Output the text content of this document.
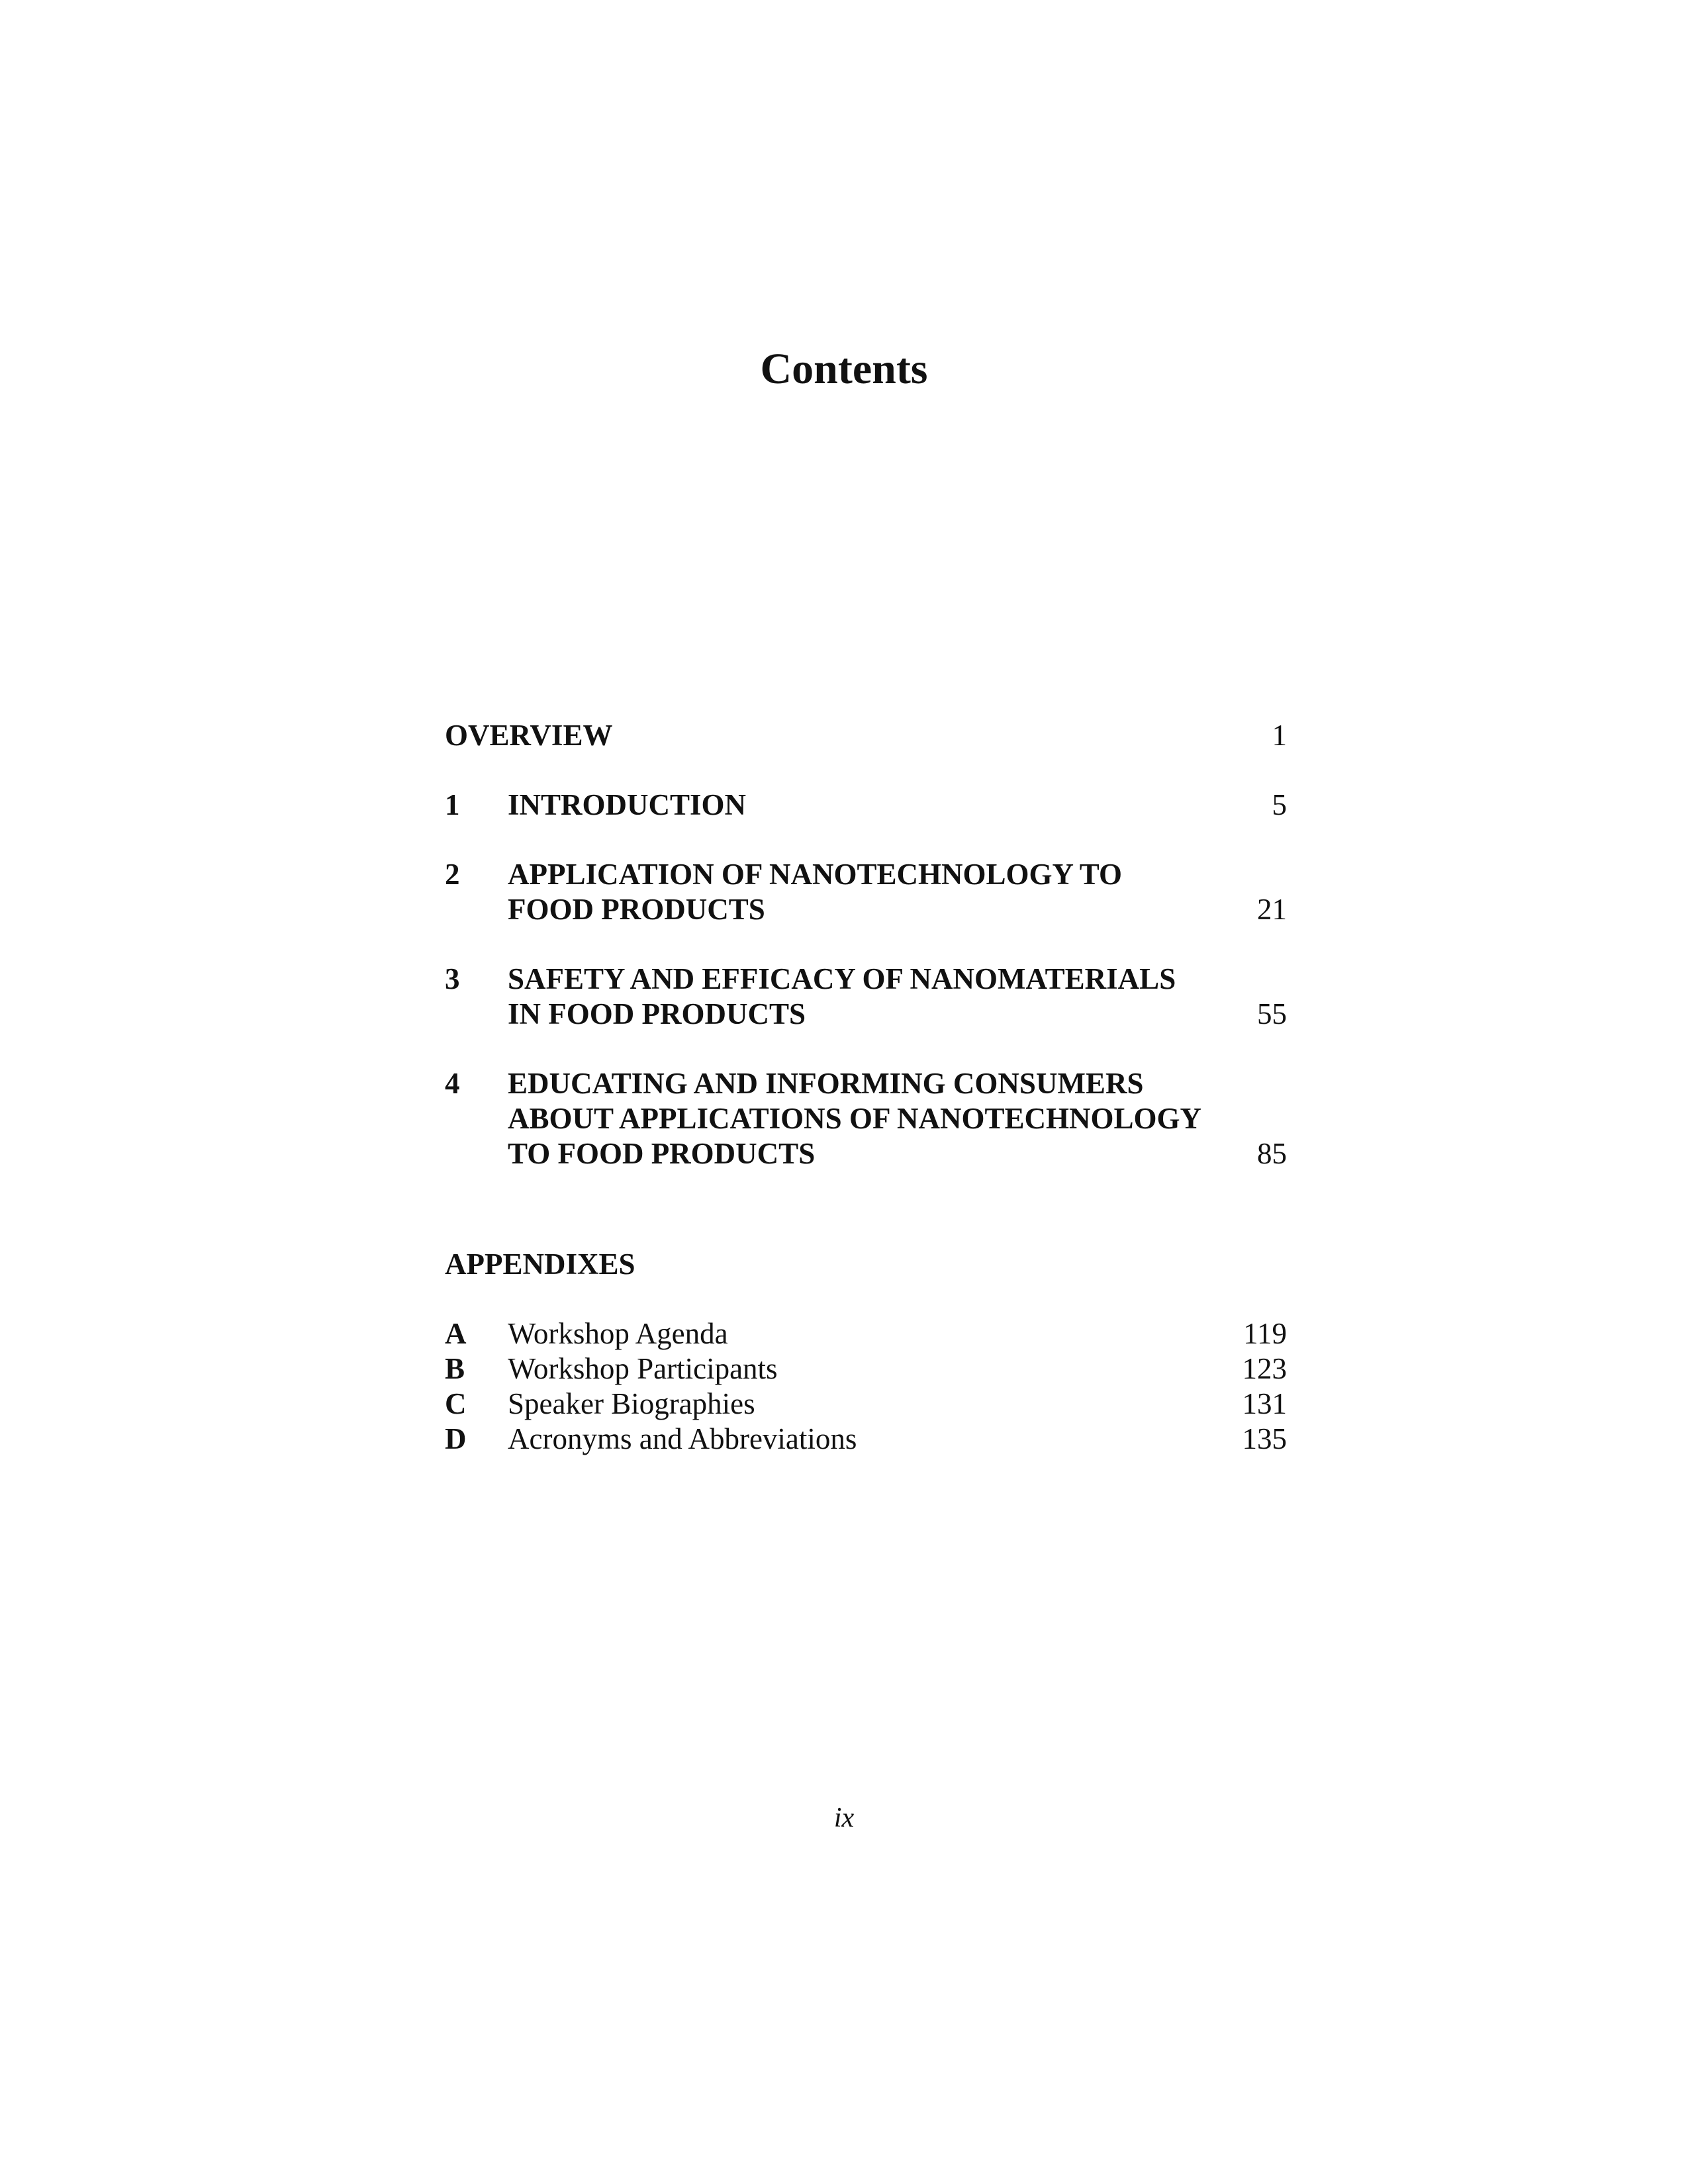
Contents
OVERVIEW	1
1	INTRODUCTION	5
2	APPLICATION OF NANOTECHNOLOGY TO FOOD PRODUCTS	21
3	SAFETY AND EFFICACY OF NANOMATERIALS IN FOOD PRODUCTS	55
4	EDUCATING AND INFORMING CONSUMERS ABOUT APPLICATIONS OF NANOTECHNOLOGY TO FOOD PRODUCTS	85

APPENDIXES

A	Workshop Agenda	119
B	Workshop Participants	123
C	Speaker Biographies	131
D	Acronyms and Abbreviations	135
ix
